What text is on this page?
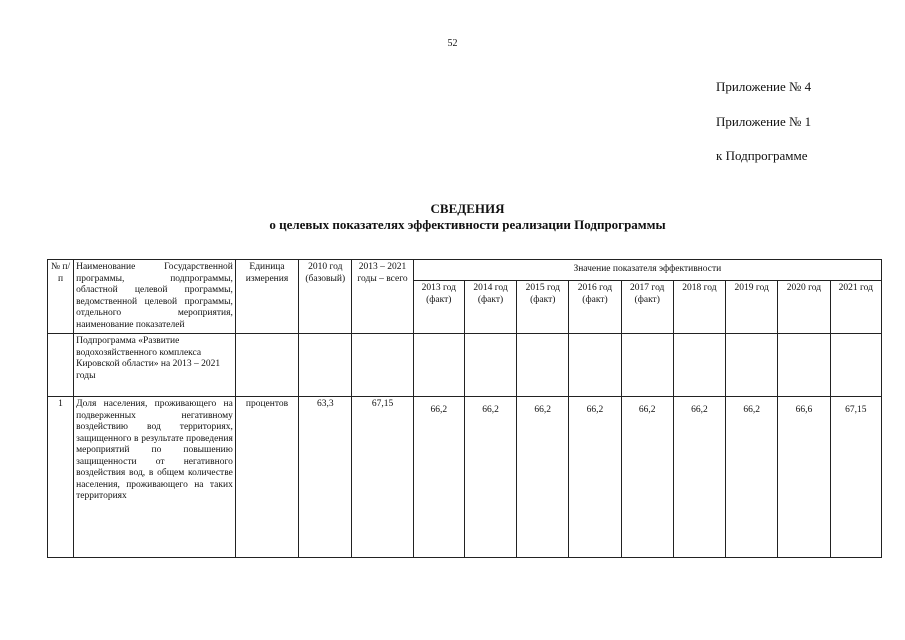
52
Приложение № 4
Приложение № 1
к Подпрограмме
СВЕДЕНИЯ
о целевых показателях эффективности реализации Подпрограммы
№ п/п	Наименование Государственной программы, подпрограммы, областной целевой программы, ведомственной целевой программы, отдельного мероприятия, наименование показателей	Единица измерения	2010 год (базовый)	2013 – 2021 годы – всего	Значение показателя эффективности								
					2013 год (факт)	2014 год (факт)	2015 год (факт)	2016 год (факт)	2017 год (факт)	2018 год	2019 год	2020 год	2021 год
	Подпрограмма «Развитие водохозяйственного комплекса Кировской области» на 2013 – 2021 годы												
1	Доля населения, проживающего на подверженных негативному воздействию вод территориях, защищенного в результате проведения мероприятий по повышению защищенности от негативного воздействия вод, в общем количестве населения, проживающего на таких территориях	процентов	63,3	67,15	66,2	66,2	66,2	66,2	66,2	66,2	66,2	66,6	67,15
